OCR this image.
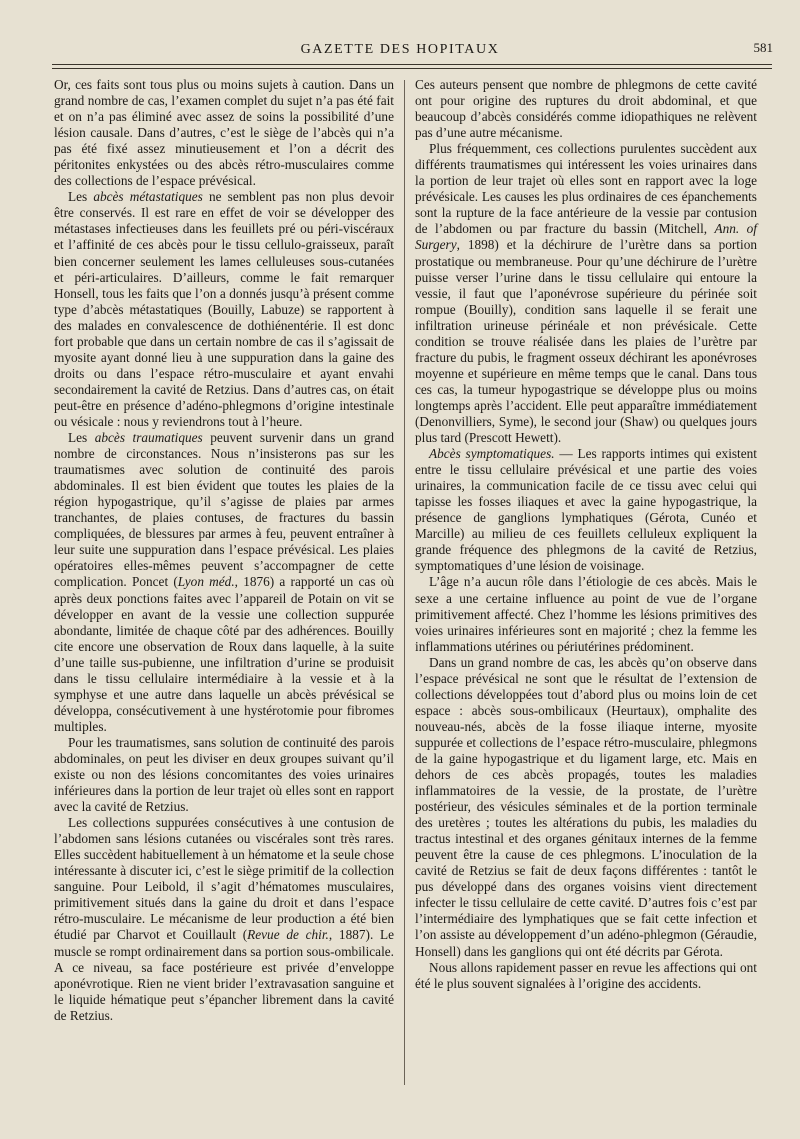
GAZETTE DES HOPITAUX	581

Or, ces faits sont tous plus ou moins sujets à caution. Dans un grand nombre de cas, l’examen complet du sujet n’a pas été fait et on n’a pas éliminé avec assez de soins la possibilité d’une lésion causale. Dans d’autres, c’est le siège de l’abcès qui n’a pas été fixé assez minutieusement et l’on a décrit des péritonites enkystées ou des abcès rétro-musculaires comme des collections de l’espace prévésical.

Les abcès métastatiques ne semblent pas non plus devoir être conservés. Il est rare en effet de voir se développer des métastases infectieuses dans les feuillets pré ou péri-viscéraux et l’affinité de ces abcès pour le tissu cellulo-graisseux, paraît bien concerner seulement les lames celluleuses sous-cutanées et péri-articulaires. D’ailleurs, comme le fait remarquer Honsell, tous les faits que l’on a donnés jusqu’à présent comme type d’abcès métastatiques (Bouilly, Labuze) se rapportent à des malades en convalescence de dothiénentérie. Il est donc fort probable que dans un certain nombre de cas il s’agissait de myosite ayant donné lieu à une suppuration dans la gaine des droits ou dans l’espace rétro-musculaire et ayant envahi secondairement la cavité de Retzius. Dans d’autres cas, on était peut-être en présence d’adéno-phlegmons d’origine intestinale ou vésicale : nous y reviendrons tout à l’heure.

Les abcès traumatiques peuvent survenir dans un grand nombre de circonstances. Nous n’insisterons pas sur les traumatismes avec solution de continuité des parois abdominales. Il est bien évident que toutes les plaies de la région hypogastrique, qu’il s’agisse de plaies par armes tranchantes, de plaies contuses, de fractures du bassin compliquées, de blessures par armes à feu, peuvent entraîner à leur suite une suppuration dans l’espace prévésical. Les plaies opératoires elles-mêmes peuvent s’accompagner de cette complication. Poncet (Lyon méd., 1876) a rapporté un cas où après deux ponctions faites avec l’appareil de Potain on vit se développer en avant de la vessie une collection suppurée abondante, limitée de chaque côté par des adhérences. Bouilly cite encore une observation de Roux dans laquelle, à la suite d’une taille sus-pubienne, une infiltration d’urine se produisit dans le tissu cellulaire intermédiaire à la vessie et à la symphyse et une autre dans laquelle un abcès prévésical se développa, consécutivement à une hystérotomie pour fibromes multiples.

Pour les traumatismes, sans solution de continuité des parois abdominales, on peut les diviser en deux groupes suivant qu’il existe ou non des lésions concomitantes des voies urinaires inférieures dans la portion de leur trajet où elles sont en rapport avec la cavité de Retzius.

Les collections suppurées consécutives à une contusion de l’abdomen sans lésions cutanées ou viscérales sont très rares. Elles succèdent habituellement à un hématome et la seule chose intéressante à discuter ici, c’est le siège primitif de la collection sanguine. Pour Leibold, il s’agit d’hématomes musculaires, primitivement situés dans la gaine du droit et dans l’espace rétro-musculaire. Le mécanisme de leur production a été bien étudié par Charvot et Couillault (Revue de chir., 1887). Le muscle se rompt ordinairement dans sa portion sous-ombilicale. A ce niveau, sa face postérieure est privée d’enveloppe aponévrotique. Rien ne vient brider l’extravasation sanguine et le liquide hématique peut s’épancher librement dans la cavité de Retzius.

Ces auteurs pensent que nombre de phlegmons de cette cavité ont pour origine des ruptures du droit abdominal, et que beaucoup d’abcès considérés comme idiopathiques ne relèvent pas d’une autre mécanisme.

Plus fréquemment, ces collections purulentes succèdent aux différents traumatismes qui intéressent les voies urinaires dans la portion de leur trajet où elles sont en rapport avec la loge prévésicale. Les causes les plus ordinaires de ces épanchements sont la rupture de la face antérieure de la vessie par contusion de l’abdomen ou par fracture du bassin (Mitchell, Ann. of Surgery, 1898) et la déchirure de l’urètre dans sa portion prostatique ou membraneuse. Pour qu’une déchirure de l’urètre puisse verser l’urine dans le tissu cellulaire qui entoure la vessie, il faut que l’aponévrose supérieure du périnée soit rompue (Bouilly), condition sans laquelle il se ferait une infiltration urineuse périnéale et non prévésicale. Cette condition se trouve réalisée dans les plaies de l’urètre par fracture du pubis, le fragment osseux déchirant les aponévroses moyenne et supérieure en même temps que le canal. Dans tous ces cas, la tumeur hypogastrique se développe plus ou moins longtemps après l’accident. Elle peut apparaître immédiatement (Denonvilliers, Syme), le second jour (Shaw) ou quelques jours plus tard (Prescott Hewett).

Abcès symptomatiques. — Les rapports intimes qui existent entre le tissu cellulaire prévésical et une partie des voies urinaires, la communication facile de ce tissu avec celui qui tapisse les fosses iliaques et avec la gaine hypogastrique, la présence de ganglions lymphatiques (Gérota, Cunéo et Marcille) au milieu de ces feuillets celluleux expliquent la grande fréquence des phlegmons de la cavité de Retzius, symptomatiques d’une lésion de voisinage.

L’âge n’a aucun rôle dans l’étiologie de ces abcès. Mais le sexe a une certaine influence au point de vue de l’organe primitivement affecté. Chez l’homme les lésions primitives des voies urinaires inférieures sont en majorité ; chez la femme les inflammations utérines ou périutérines prédominent.

Dans un grand nombre de cas, les abcès qu’on observe dans l’espace prévésical ne sont que le résultat de l’extension de collections développées tout d’abord plus ou moins loin de cet espace : abcès sous-ombilicaux (Heurtaux), omphalite des nouveau-nés, abcès de la fosse iliaque interne, myosite suppurée et collections de l’espace rétro-musculaire, phlegmons de la gaine hypogastrique et du ligament large, etc. Mais en dehors de ces abcès propagés, toutes les maladies inflammatoires de la vessie, de la prostate, de l’urètre postérieur, des vésicules séminales et de la portion terminale des uretères ; toutes les altérations du pubis, les maladies du tractus intestinal et des organes génitaux internes de la femme peuvent être la cause de ces phlegmons. L’inoculation de la cavité de Retzius se fait de deux façons différentes : tantôt le pus développé dans des organes voisins vient directement infecter le tissu cellulaire de cette cavité. D’autres fois c’est par l’intermédiaire des lymphatiques que se fait cette infection et l’on assiste au développement d’un adéno-phlegmon (Géraudie, Honsell) dans les ganglions qui ont été décrits par Gérota.

Nous allons rapidement passer en revue les affections qui ont été le plus souvent signalées à l’origine des accidents.
